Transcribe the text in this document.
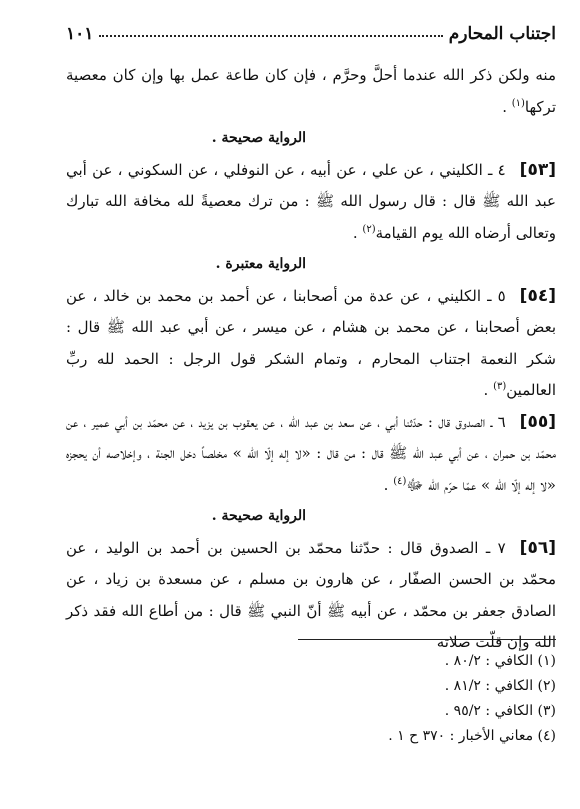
اجتناب المحارم
١٠١

منه ولكن ذكر الله عندما أحلَّ وحرَّم ، فإن كان طاعة عمل بها وإن كان معصية تركها$^{(١)}$ .

الرواية صحيحة .

[٥٣]٤ ـ الكليني ، عن علي ، عن أبيه ، عن النوفلي ، عن السكوني ، عن أبي عبد الله ﷺ قال : قال رسول الله ﷺ : من ترك معصيةً لله مخافة الله تبارك وتعالى أرضاه الله يوم القيامة$^{(٢)}$ .

الرواية معتبرة .

[٥٤]٥ ـ الكليني ، عن عدة من أصحابنا ، عن أحمد بن محمد بن خالد ، عن بعض أصحابنا ، عن محمد بن هشام ، عن ميسر ، عن أبي عبد الله ﷺ قال : شكر النعمة اجتناب المحارم ، وتمام الشكر قول الرجل : الحمد لله ربِّ العالمين$^{(٣)}$ .

[٥٥]٦ ـ الصدوق قال : حدّثنا أبي ، عن سعد بن عبد الله ، عن يعقوب بن يزيد ، عن محمّد بن أبي عمير ، عن محمّد بن حمران ، عن أبي عبد الله ﷺ قال : من قال : «لا إله إلّا الله » مخلصاً دخل الجنة ، وإخلاصه أن يحجزه «لا إله إلّا الله » عمّا حرّم الله ﷻ$^{(٤)}$ .

الرواية صحيحة .

[٥٦]٧ ـ الصدوق قال : حدّثنا محمّد بن الحسين بن أحمد بن الوليد ، عن محمّد بن الحسن الصفّار ، عن هارون بن مسلم ، عن مسعدة بن زياد ، عن الصادق جعفر بن محمّد ، عن أبيه ﷺ أنّ النبي ﷺ قال : من أطاع الله فقد ذكر الله وإن قلّت صلاته

(١) الكافي : ٨٠/٢ .
(٢) الكافي : ٨١/٢ .
(٣) الكافي : ٩٥/٢ .
(٤) معاني الأخبار : ٣٧٠ ح ١ .
